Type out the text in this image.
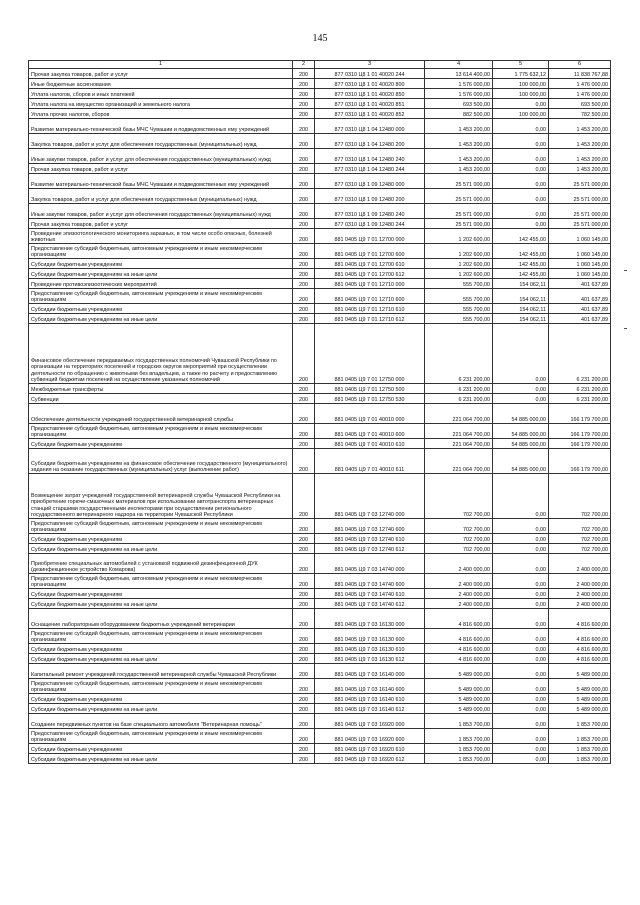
145
1	2	3	4	5	6
Прочая закупка товаров, работ и услуг	200	877 0310 Ц8 1 01 40020 244	13 614 400,00	1 775 632,12	11 838 767,88
Иные бюджетные ассигнования	200	877 0310 Ц8 1 01 40020 800	1 576 000,00	100 000,00	1 476 000,00
Уплата налогов, сборов и иных платежей	200	877 0310 Ц8 1 01 40020 850	1 576 000,00	100 000,00	1 476 000,00
Уплата налога на имущество организаций и земельного налога	200	877 0310 Ц8 1 01 40020 851	693 500,00	0,00	693 500,00
Уплата прочих налогов, сборов	200	877 0310 Ц8 1 01 40020 852	882 500,00	100 000,00	782 500,00
Развитие материально-технической базы МЧС Чувашии и подведомственных ему учреждений	200	877 0310 Ц8 1 04 12480 000	1 453 200,00	0,00	1 453 200,00
Закупка товаров, работ и услуг для обеспечения государственных (муниципальных) нужд	200	877 0310 Ц8 1 04 12480 200	1 453 200,00	0,00	1 453 200,00
Иные закупки товаров, работ и услуг для обеспечения государственных (муниципальных) нужд	200	877 0310 Ц8 1 04 12480 240	1 453 200,00	0,00	1 453 200,00
Прочая закупка товаров, работ и услуг	200	877 0310 Ц8 1 04 12480 244	1 453 200,00	0,00	1 453 200,00
Развитие материально-технической базы МЧС Чувашии и подведомственных ему учреждений	200	877 0310 Ц8 1 09 12480 000	25 571 000,00	0,00	25 571 000,00
Закупка товаров, работ и услуг для обеспечения государственных (муниципальных) нужд	200	877 0310 Ц8 1 09 12480 200	25 571 000,00	0,00	25 571 000,00
Иные закупки товаров, работ и услуг для обеспечения государственных (муниципальных) нужд	200	877 0310 Ц8 1 09 12480 240	25 571 000,00	0,00	25 571 000,00
Прочая закупка товаров, работ и услуг	200	877 0310 Ц8 1 09 12480 244	25 571 000,00	0,00	25 571 000,00
Проведение эпизоотологического мониторинга заразных, в том числе особо опасных, болезней животных	200	881 0405 Ц9 7 01 12700 000	1 202 600,00	142 455,00	1 060 145,00
Предоставление субсидий бюджетным, автономным учреждениям и иным некоммерческим организациям	200	881 0405 Ц9 7 01 12700 600	1 202 600,00	142 455,00	1 060 145,00
Субсидии бюджетным учреждениям	200	881 0405 Ц9 7 01 12700 610	1 202 600,00	142 455,00	1 060 145,00
Субсидии бюджетным учреждениям на иные цели	200	881 0405 Ц9 7 01 12700 612	1 202 600,00	142 455,00	1 060 145,00
Проведение противоэпизоотических мероприятий	200	881 0405 Ц9 7 01 12710 000	555 700,00	154 062,11	401 637,89
Предоставление субсидий бюджетным, автономным учреждениям и иным некоммерческим организациям	200	881 0405 Ц9 7 01 12710 600	555 700,00	154 062,11	401 637,89
Субсидии бюджетным учреждениям	200	881 0405 Ц9 7 01 12710 610	555 700,00	154 062,11	401 637,89
Субсидии бюджетным учреждениям на иные цели	200	881 0405 Ц9 7 01 12710 612	555 700,00	154 062,11	401 637,89
Финансовое обеспечение передаваемых государственных полномочий Чувашской Республики по организации на территориях поселений и городских округов мероприятий при осуществлении деятельности по обращению с животными без владельцев, а также по расчету и предоставлению субвенций бюджетам поселений на осуществление указанных полномочий	200	881 0405 Ц9 7 01 12750 000	6 231 200,00	0,00	6 231 200,00
Межбюджетные трансферты	200	881 0405 Ц9 7 01 12750 500	6 231 200,00	0,00	6 231 200,00
Субвенции	200	881 0405 Ц9 7 01 12750 530	6 231 200,00	0,00	6 231 200,00
Обеспечение деятельности учреждений государственной ветеринарной службы	200	881 0405 Ц9 7 01 40010 000	221 064 700,00	54 885 000,00	166 179 700,00
Предоставление субсидий бюджетным, автономным учреждениям и иным некоммерческим организациям	200	881 0405 Ц9 7 01 40010 600	221 064 700,00	54 885 000,00	166 179 700,00
Субсидии бюджетным учреждениям	200	881 0405 Ц9 7 01 40010 610	221 064 700,00	54 885 000,00	166 179 700,00
Субсидии бюджетным учреждениям на финансовое обеспечение государственного (муниципального) задания на оказание государственных (муниципальных) услуг (выполнение работ)	200	881 0405 Ц9 7 01 40010 611	221 064 700,00	54 885 000,00	166 179 700,00
Возмещение затрат учреждений государственной ветеринарной службы Чувашской Республики на приобретение горюче-смазочных материалов при использовании автотранспорта ветеринарных станций старшими государственными инспекторами при осуществлении регионального государственного ветеринарного надзора на территории Чувашской Республики	200	881 0405 Ц9 7 03 12740 000	702 700,00	0,00	702 700,00
Предоставление субсидий бюджетным, автономным учреждениям и иным некоммерческим организациям	200	881 0405 Ц9 7 03 12740 600	702 700,00	0,00	702 700,00
Субсидии бюджетным учреждениям	200	881 0405 Ц9 7 03 12740 610	702 700,00	0,00	702 700,00
Субсидии бюджетным учреждениям на иные цели	200	881 0405 Ц9 7 03 12740 612	702 700,00	0,00	702 700,00
Приобретение специальных автомобилей с установкой подвижной дезинфекционной ДУК (дезинфекционное устройство Комарова)	200	881 0405 Ц9 7 03 14740 000	2 400 000,00	0,00	2 400 000,00
Предоставление субсидий бюджетным, автономным учреждениям и иным некоммерческим организациям	200	881 0405 Ц9 7 03 14740 600	2 400 000,00	0,00	2 400 000,00
Субсидии бюджетным учреждениям	200	881 0405 Ц9 7 03 14740 610	2 400 000,00	0,00	2 400 000,00
Субсидии бюджетным учреждениям на иные цели	200	881 0405 Ц9 7 03 14740 612	2 400 000,00	0,00	2 400 000,00
Оснащение лабораторным оборудованием бюджетных учреждений ветеринарии	200	881 0405 Ц9 7 03 16130 000	4 816 600,00	0,00	4 816 600,00
Предоставление субсидий бюджетным, автономным учреждениям и иным некоммерческим организациям	200	881 0405 Ц9 7 03 16130 600	4 816 600,00	0,00	4 816 600,00
Субсидии бюджетным учреждениям	200	881 0405 Ц9 7 03 16130 610	4 816 600,00	0,00	4 816 600,00
Субсидии бюджетным учреждениям на иные цели	200	881 0405 Ц9 7 03 16130 612	4 816 600,00	0,00	4 816 600,00
Капитальный ремонт учреждений государственной ветеринарной службы Чувашской Республики	200	881 0405 Ц9 7 03 16140 000	5 489 000,00	0,00	5 489 000,00
Предоставление субсидий бюджетным, автономным учреждениям и иным некоммерческим организациям	200	881 0405 Ц9 7 03 16140 600	5 489 000,00	0,00	5 489 000,00
Субсидии бюджетным учреждениям	200	881 0405 Ц9 7 03 16140 610	5 489 000,00	0,00	5 489 000,00
Субсидии бюджетным учреждениям на иные цели	200	881 0405 Ц9 7 03 16140 612	5 489 000,00	0,00	5 489 000,00
Создание передвижных пунктов на базе специального автомобиля "Ветеринарная помощь"	200	881 0405 Ц9 7 03 16920 000	1 853 700,00	0,00	1 853 700,00
Предоставление субсидий бюджетным, автономным учреждениям и иным некоммерческим организациям	200	881 0405 Ц9 7 03 16920 600	1 853 700,00	0,00	1 853 700,00
Субсидии бюджетным учреждениям	200	881 0405 Ц9 7 03 16920 610	1 853 700,00	0,00	1 853 700,00
Субсидии бюджетным учреждениям на иные цели	200	881 0405 Ц9 7 03 16920 612	1 853 700,00	0,00	1 853 700,00
